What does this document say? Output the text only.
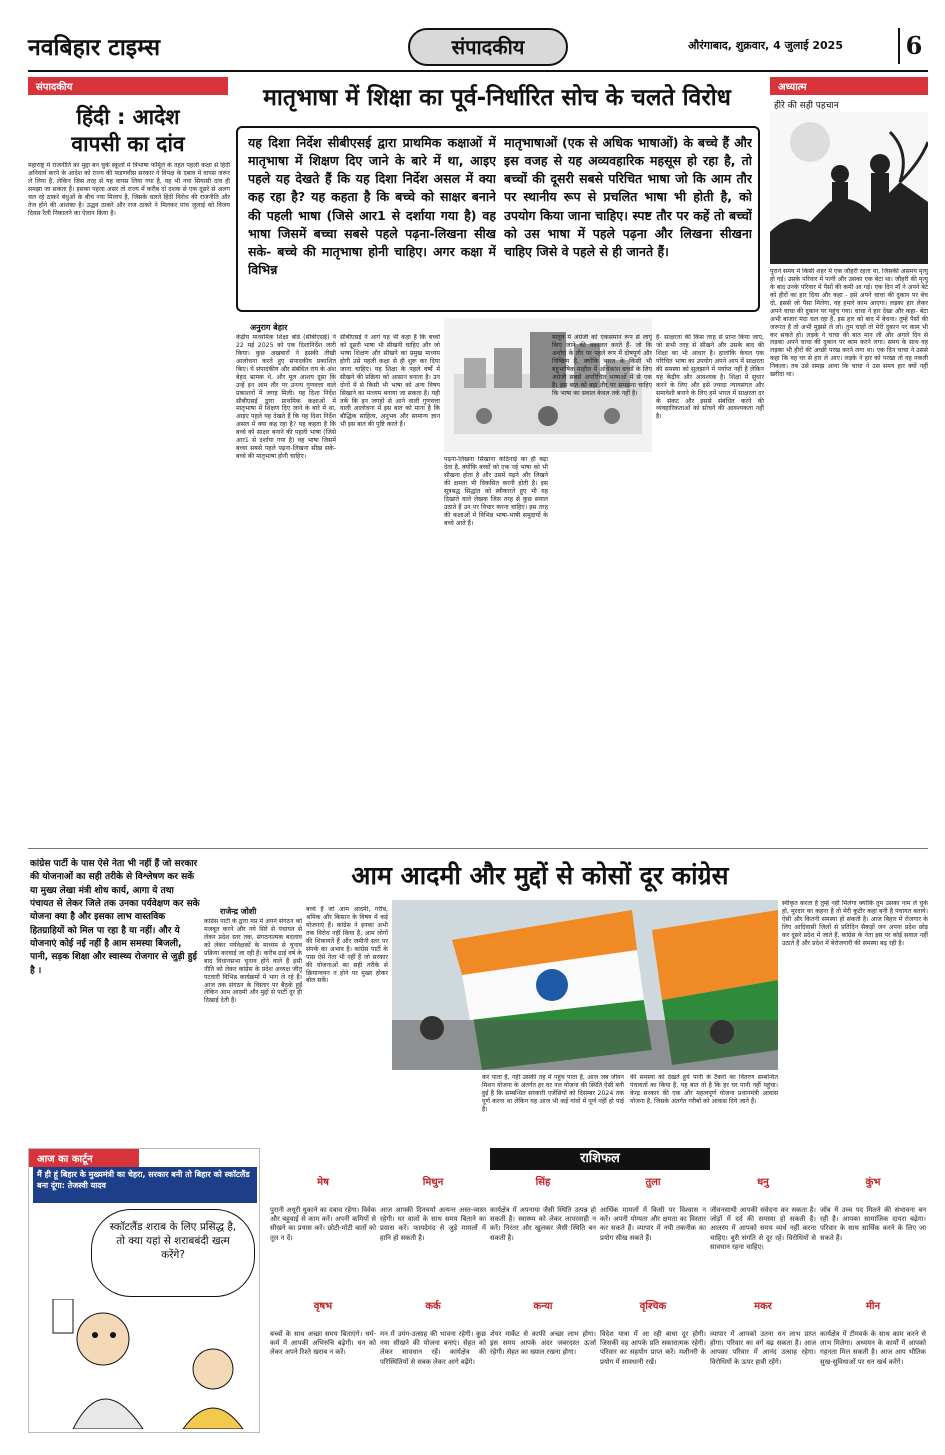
नवबिहार टाइम्स	संपादकीय	औरंगाबाद, शुक्रवार, 4 जुलाई 2025	6
संपादकीय
हिंदी : आदेश
वापसी का दांव
महाराष्ट्र में राजनीति का मुद्दा बन चुके स्कूलों में त्रिभाषा फॉर्मूले के तहत पहली कक्षा से हिंदी अनिवार्य करने के आदेश को राज्य की फडणवीस सरकार ने विपक्ष के दबाव में वापस जरूर ले लिया है, लेकिन जिस तरह से यह वापस लिया गया है, वह भी नया सियासी दांव ही समझा जा सकता है। इसका पहला असर तो राज्य में करीब दो दशक से एक दूसरे से अलग चल रहे ठाकरे बंधुओं के बीच नया मिलाप है, जिसके चलते हिंदी विरोध की राजनीति और तेज होने की आशंका है। उद्धव ठाकरे और राज ठाकरे ने मिलकर पांच जुलाई को विजय दिवस रैली निकालने का ऐलान किया है।
मातृभाषा में शिक्षा का पूर्व-निर्धारित सोच के चलते विरोध
यह दिशा निर्देश सीबीएसई द्वारा प्राथमिक कक्षाओं में मातृभाषा में शिक्षण दिए जाने के बारे में था, आइए पहले यह देखते हैं कि यह दिशा निर्देश असल में क्या कह रहा है? यह कहता है कि बच्चे को साक्षर बनाने की पहली भाषा (जिसे आर1 से दर्शाया गया है) वह भाषा जिसमें बच्चा सबसे पहले पढ़ना-लिखना सीख सके- बच्चे की मातृभाषा होनी चाहिए। अगर कक्षा में विभिन्न
मातृभाषाओं (एक से अधिक भाषाओं) के बच्चे हैं और इस वजह से यह अव्यवहारिक महसूस हो रहा है, तो बच्चों की दूसरी सबसे परिचित भाषा जो कि आम तौर पर स्थानीय रूप से प्रचलित भाषा भी होती है, को उपयोग किया जाना चाहिए। स्पष्ट तौर पर कहें तो बच्चों को उस भाषा में पहले पढ़ना और लिखना सीखना चाहिए जिसे वे पहले से ही जानते हैं।
अनुराग बेहार
केंद्रीय माध्यमिक शिक्षा बोर्ड (सीबीएसई) ने 22 मई 2025 को एक दिशानिर्देश जारी किया। कुछ अखबारों ने इसकी तीखी आलोचना करते हुए संपादकीय प्रकाशित किए। ये संपादकीय और संबंधित राय के अंश बेहद भ्रामक थे, और मूल आशय दूसा कि उन्हें इन आम तौर पर उनन्य गुणवत्ता वाले प्रकाशनों में जगह मिली। यह दिशा निर्देश सीबीएसई द्वारा प्राथमिक कक्षाओं में मातृभाषा में शिक्षण दिए जाने के बारे में था, आइए पहले यह देखते हैं कि यह दिशा निर्देश असल में क्या कह रहा है? यह कहता है कि बच्चे को साक्षर बनाने की पहली भाषा (जिसे आर1 से दर्शाया गया है) वह भाषा जिसमें बच्चा सबसे पहले पढ़ना-लिखना सीख सके- बच्चे की मातृभाषा होनी चाहिए।
सीबीएसई ने आगे यह भी कहा है कि बच्चों को दूसरी भाषा भी सीखनी चाहिए और जो भाषा शिक्षण और सीखने का प्रमुख माध्यम होगी उसे पहली कक्षा से ही शुरू कर दिया जाना चाहिए। यह शिक्षा के पहले वर्षों में सीखने की प्रक्रिया को आसान बनाता है। उन दोनों में से किसी भी भाषा को अन्य विषय सिखाने का माध्यम बनाया जा सकता है। यही तर्क कि इन जगहों से आने वाली गुणवत्ता वाली आलोचना में इस बात को माना है कि बौद्धिक साहित्य, अनुभव और सामान्य ज्ञान भी इस बात की पुष्टि करते हैं।
पढ़ना-लिखना सिखाना कठिनाई का ही बढ़ा देता है, क्योंकि बच्चों को एक नई भाषा को भी सीखना होता है और उसमें पढ़ने और लिखने की क्षमता भी विकसित करनी होती है। इस सूत्रबद्ध सिद्धांत को स्वीकारते हुए भी यह दिखाते वाले लेखक जिस तरह से कुछ सवाल उठाते हैं उन पर विचार करना चाहिए। इस तरह की कक्षाओं में विभिन्न भाषा-भाषी समुदायों के बच्चे आते हैं।
मातृत में अंग्रेजी को एकसमान रूप से लागू किए जाने की वकालत करते हैं- जो कि अधोरा के तौर पर पहले रूप में दोषपूर्ण और निष्क्रिय है, क्योंकि भारत के किसी भी बहुभाषिक माहौल में अधिकांश बच्चों के लिए अंग्रेजी सबसे अपरिचित भाषाओं में से एक है। इस बात को बड़ा तौर पर समझना चाहिए कि भाषा का सवाल केवल तर्क नहीं है।
है- साक्षरता की किस तरह से प्राप्त किया जाए, जो सभी तरह से सीखने और उसके बाद की शिक्षा का भी आधार है। हालांकि केवल एक परिचित भाषा का उपयोग अपने आप में साक्षरता की समस्या को सुलझाने में पर्याप्त नहीं है लेकिन यह केंद्रीय और आवश्यक है। शिक्षा में सुधार करने के लिए और इसे ज्यादा न्यायसंगत और समावेशी बनाने के लिए हमें भारत में साक्षरता दर के संकट और इससे संबंधित करने की व्यवहारिकताओं को सोचने की आवश्यकता नहीं है।
अध्यात्म
हीरे की सही पहचान
पुराने समय में किसी शहर में एक जौहरी रहता था, जिसकी असमय मृत्यु हो गई। उसके परिवार में पत्नी और उसका एक बेटा था। जौहरी की मृत्यु के बाद उनके परिवार में पैसों की कमी आ गई। एक दिन माँ ने अपने बेटे को हीरों का हार दिया और कहा - इसे अपने चाचा की दुकान पर बेच दो, इससे जो पैसा मिलेगा, वह हमारे काम आएगा। लड़का हार लेकर अपने चाचा की दुकान पर पहुंच गया। चाचा ने हार देखा और कहा- बेटा अभी बाजार मंदा चल रहा है, इस हार को बाद में बेचना। तुम्हें पैसों की जरूरत है तो अभी मुझसे ले लो। तुम चाहो तो मेरी दुकान पर काम भी कर सकते हो। लड़के ने चाचा की बात मान ली और अगले दिन से लड़का अपने चाचा की दुकान पर काम करने लगा। समय के साथ वह लड़का भी हीरों की अच्छी परख करने लगा था। एक दिन चाचा ने उससे कहा कि वह घर से हार ले आए। लड़के ने हार को परखा तो वह नकली निकला। तब उसे समझ आया कि चाचा ने उस समय हार क्यों नहीं खरीदा था।
आम आदमी और मुद्दों से कोसों दूर कांग्रेस
कांग्रेस पार्टी के पास ऐसे नेता भी नहीं हैं जो सरकार की योजनाओं का सही तरीके से विश्लेषण कर सकें या मुख्य लेखा मंत्री शोध कार्य, आगा ये तथा पंचायत से लेकर जिले तक उनका पर्यवेक्षण कर सके योजना क्या है और इसका लाभ वास्तविक हितग्राहियों को मिल पा रहा है या नहीं। और ये योजनाएं कोई नई नहीं है आम समस्या बिजली, पानी, सड़क शिक्षा और स्वास्थ्य रोजगार से जुड़ी हुई है ।
राजेन्द्र जोशी
कांग्रेस पार्टी के द्वारा मप्र में अपने संगठन को मजबूत करने और नये सिरे से पंचायत से लेकर प्रदेश स्तर तक, संगठनात्मक बदलाव को लेकर पर्यवेक्षकों के माध्यम से चुनाव प्रक्रिया करवाई जा रही है। करीब ढाई वर्ष के बाद विधानसभा चुनाव होने वाले हैं इसी नीति को लेकर कांग्रेस के प्रदेश अध्यक्ष जीतू पटवारी विभिन्न कार्यक्रमों में भाग ले रहे हैं। आज तक संगठन के विस्तार पर बैठकें हुईं लेकिन आम आदमी और मुद्दों से पार्टी दूर ही दिखाई देती है।
बच्चे हैं जो आम आदमी, गरीब, श्रमिक और किसान के विषय में कई योजनाएं हैं। कांग्रेस ने इनका अभी तक विरोध नहीं किया है, आम लोगों की शिकायतें हैं और जमीनी स्तर पर संपर्क का अभाव है। कांग्रेस पार्टी के पास ऐसे नेता भी नहीं हैं जो सरकार की योजनाओं का सही तरीके से क्रियान्वयन न होने पर मुखर होकर बोल सकें।
कर पाता है, नहीं उसकी तह में पहुंच पाता है, आज जब जीवन मिशन योजना के अंतर्गत हर घर नल योजना की स्थिति ऐसी बनी हुई है कि सम्बन्धित सरकारी एजेंसियों को दिसम्बर 2024 तक पूर्ण करना था लेकिन यह आज भी कई गांवों में पूर्ण नहीं हो पाई है।
की समस्या को देखते हुये पानी के टैंकरों का वितरण सम्बन्धित पंचायतों का किया है, यह बात तो है कि हर घर पानी नहीं पहुंचा। केन्द्र सरकार की एक और महत्वपूर्ण योजना प्रधानमंत्री आवास योजना है, जिसके अंतर्गत गरीबों को आवास दिये जाने हैं।
स्वीकृत करता है तुम्हें नहीं मिलेगा क्योंकि तुम उसका नाम ले चुके हो, मुरदार का कहना है तो मेरी कुटीर कहां बनी है पंचायत बताये। ऐसी और कितनी समस्या हो सकती है। आज बिहार में रोजगार के लिए आदिवासी जिलों से प्रतिदिन सैकड़ों जन अपना प्रदेश छोड़ कर दूसरे प्रदेश में जाते हैं, कांग्रेस के नेता इस पर कोई सवाल नहीं उठाते हैं और प्रदेश में बेरोजगारी की समस्या बढ़ रही है।
आज का कार्टून
मैं ही हूं बिहार के मुख्यमंत्री का चेहरा, सरकार बनी तो बिहार को स्कॉटलैंड बना दूंगा: तेजस्वी यादव
स्कॉटलैंड शराब के लिए प्रसिद्ध है, तो क्या यहां से शराबबंदी खत्म करेंगे?
राशिफल
मेष
पुरानी अधूरी धुकाने का दबाव रहेगा। विवेक और बहुवाई से काम करें। अपनी कमियों से सीखने का प्रयास करें। छोटी-मोटी बातों को तूल न दें।
मिथुन
आज आपकी दिनचर्या अत्यन्त अस्त-व्यस्त रहेगी। घर वालों के साथ समय बिताने का प्रयास करें। फायदेमंद से जुड़े मामलों में हानि हो सकती है।
सिंह
कार्यक्षेत्र में अपनाया जैसी स्थिति उत्पन्न हो सकती है। स्वास्थ्य को लेकर लापरवाही न करें। निरंतर और खुलकर जैसी स्थिति बन सकती है।
तुला
आर्थिक मामलों में किसी पर विश्वास न करें। अपनी योग्यता और क्षमता का विस्तार कर सकते हैं। व्यापार में नयी तकनीक का प्रयोग सीख सकते हैं।
धनु
जीवनसाथी आपकी संवेदना कर सकता है। जोड़ों में दर्द की समस्या हो सकती है। आलस्य में आपको समय व्यर्थ नहीं करना चाहिए। बुरी संगति से दूर रहें। विरोधियों से सावधान रहना चाहिए।
कुंभ
जॉब में उच्च पद मिलने की संभावना बन रही है। आपका सामाजिक दायरा बढ़ेगा। परिवार के साथ सार्थिक करने के लिए जा सकते हैं।
वृषभ
बच्चों के साथ अच्छा समय बिताएंगे। धर्म-कर्म में आपकी अभिरुचि बढ़ेगी। धन को लेकर अपने रिश्ते खराब न करें।
कर्क
मन में उमंग-उत्साह की भावना रहेगी। कुछ नया सीखने की योजना बनाएं। सेहत को लेकर सावधान रहें। कार्यक्षेत्र की परिस्थितियों से सबक लेकर आगे बढ़ेंगे।
कन्या
शेयर मार्केट से काफी अच्छा लाभ होगा। इस समय आपके अंदर जबरदस्त ऊर्जा रहेगी। सेहत का ख्याल रखना होगा।
वृश्चिक
विदेश यात्रा में आ रही बाधा दूर होगी। जिसकी वह आपके प्रति सकारात्मक रहेगी। परिवार का सहयोग प्राप्त करें। मशीनरी के प्रयोग में सावधानी रखें।
मकर
व्यापार में आपको उतना धन लाभ प्राप्त होगा। परिवार का वर्ग बढ़ सकता है। आज आपका परिवार में आनंद उत्साह रहेगा। विरोधियों के ऊपर हावी रहेंगे।
मीन
कार्यक्षेत्र में टीमवर्क के साथ काम करने से लाभ मिलेगा। अध्ययन के कार्यों में आपको गहनता मिल सकती है। आज आप भौतिक सुख-सुविधाओं पर धन खर्च करेंगे।
